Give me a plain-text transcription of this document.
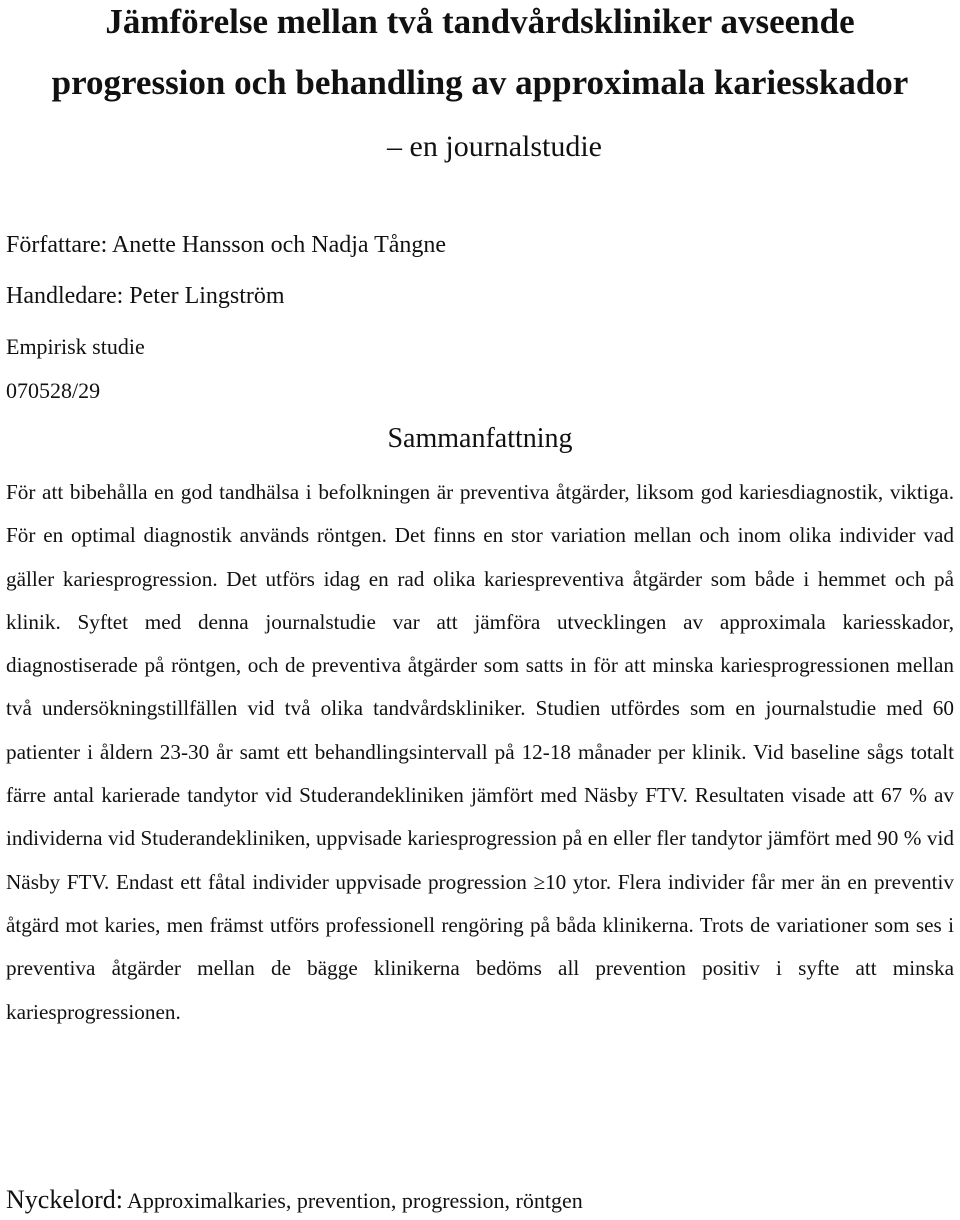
Jämförelse mellan två tandvårdskliniker avseende
progression och behandling av approximala kariesskador

– en journalstudie

Författare: Anette Hansson och Nadja Tångne

Handledare: Peter Lingström

Empirisk studie

070528/29

Sammanfattning

För att bibehålla en god tandhälsa i befolkningen är preventiva åtgärder, liksom god kariesdiagnostik, viktiga. För en optimal diagnostik används röntgen. Det finns en stor variation mellan och inom olika individer vad gäller kariesprogression. Det utförs idag en rad olika kariespreventiva åtgärder som både i hemmet och på klinik. Syftet med denna journalstudie var att jämföra utvecklingen av approximala kariesskador, diagnostiserade på röntgen, och de preventiva åtgärder som satts in för att minska kariesprogressionen mellan två undersökningstillfällen vid två olika tandvårdskliniker. Studien utfördes som en journalstudie med 60 patienter i åldern 23-30 år samt ett behandlingsintervall på 12-18 månader per klinik. Vid baseline sågs totalt färre antal karierade tandytor vid Studerandekliniken jämfört med Näsby FTV. Resultaten visade att 67 % av individerna vid Studerandekliniken, uppvisade kariesprogression på en eller fler tandytor jämfört med 90 % vid Näsby FTV. Endast ett fåtal individer uppvisade progression ≥10 ytor. Flera individer får mer än en preventiv åtgärd mot karies, men främst utförs professionell rengöring på båda klinikerna. Trots de variationer som ses i preventiva åtgärder mellan de bägge klinikerna bedöms all prevention positiv i syfte att minska kariesprogressionen.

Nyckelord: Approximalkaries, prevention, progression, röntgen
